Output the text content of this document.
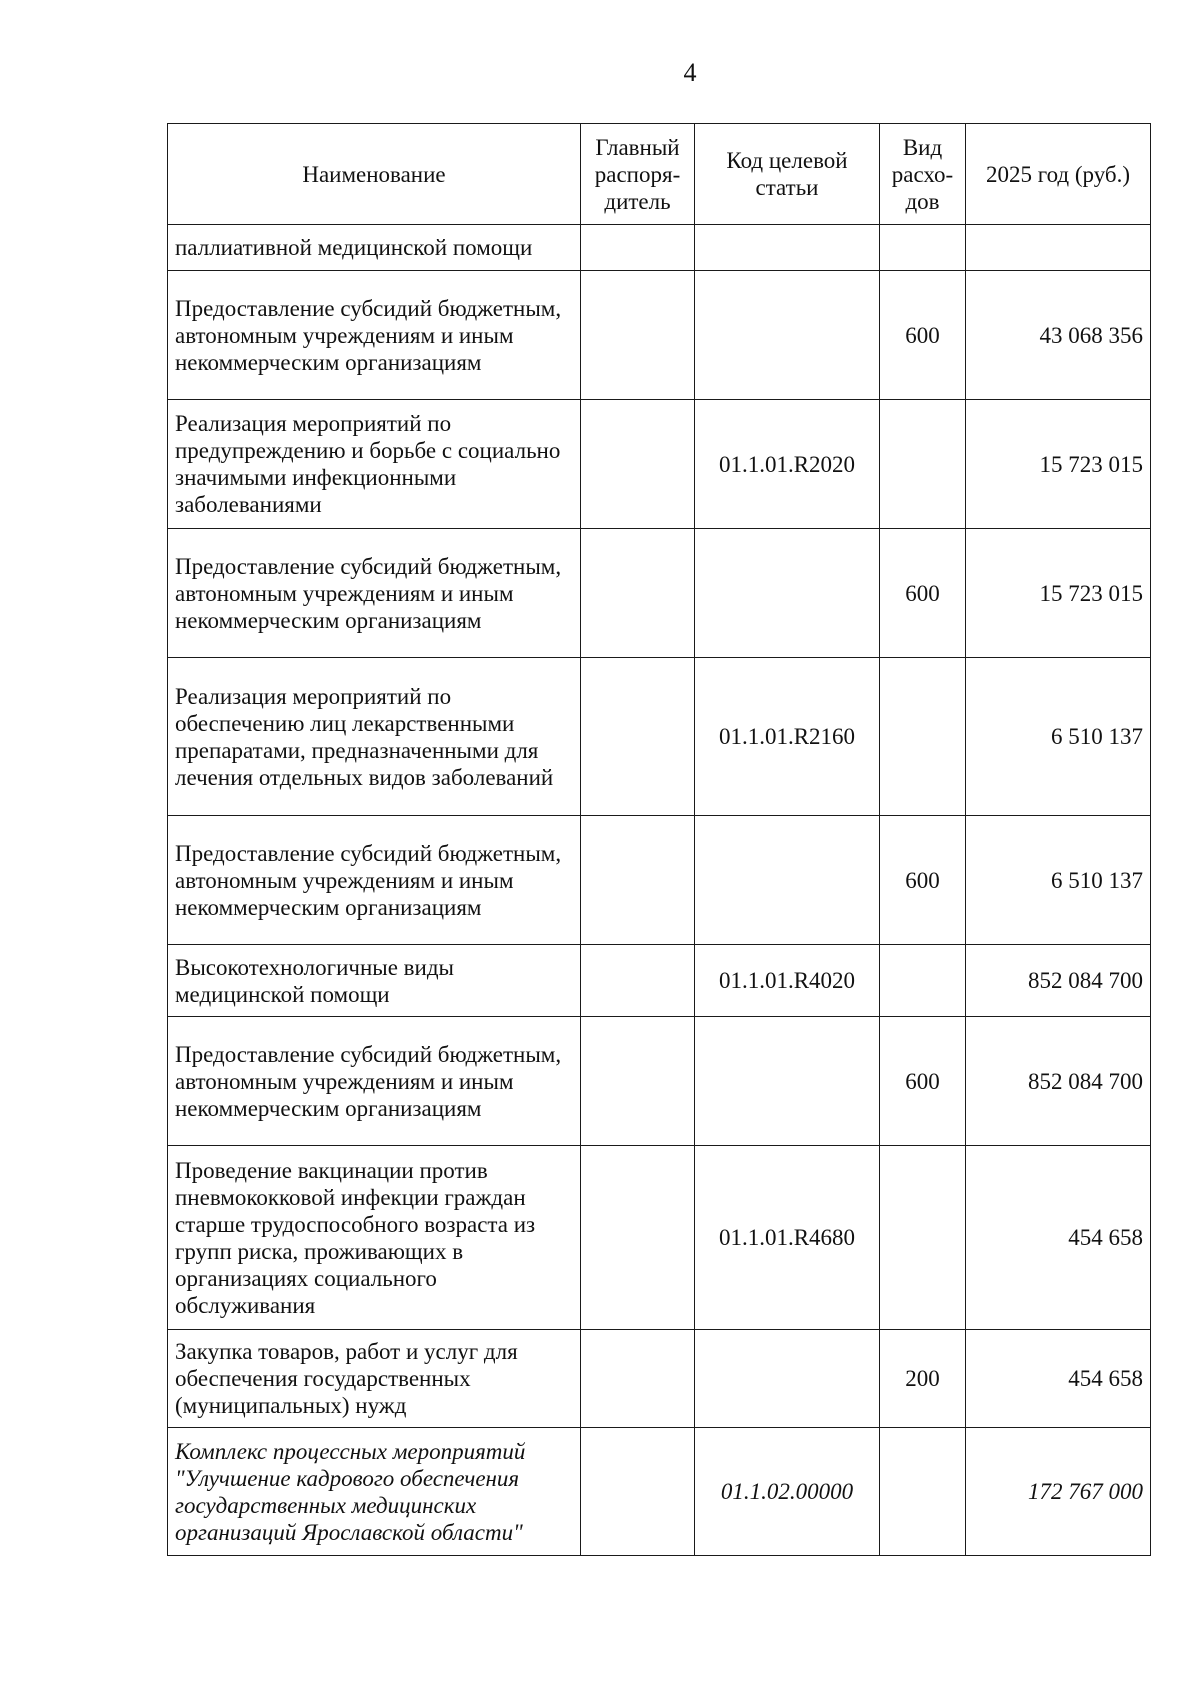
4
Наименование	Главный распоря-дитель	Код целевой статьи	Вид расхо-дов	2025 год (руб.)
паллиативной медицинской помощи				
Предоставление субсидий бюджетным, автономным учреждениям и иным некоммерческим организациям			600	43 068 356
Реализация мероприятий по предупреждению и борьбе с социально значимыми инфекционными заболеваниями		01.1.01.R2020		15 723 015
Предоставление субсидий бюджетным, автономным учреждениям и иным некоммерческим организациям			600	15 723 015
Реализация мероприятий по обеспечению лиц лекарственными препаратами, предназначенными для лечения отдельных видов заболеваний		01.1.01.R2160		6 510 137
Предоставление субсидий бюджетным, автономным учреждениям и иным некоммерческим организациям			600	6 510 137
Высокотехнологичные виды медицинской помощи		01.1.01.R4020		852 084 700
Предоставление субсидий бюджетным, автономным учреждениям и иным некоммерческим организациям			600	852 084 700
Проведение вакцинации против пневмококковой инфекции граждан старше трудоспособного возраста из групп риска, проживающих в организациях социального обслуживания		01.1.01.R4680		454 658
Закупка товаров, работ и услуг для обеспечения государственных (муниципальных) нужд			200	454 658
Комплекс процессных мероприятий "Улучшение кадрового обеспечения государственных медицинских организаций Ярославской области"		01.1.02.00000		172 767 000
